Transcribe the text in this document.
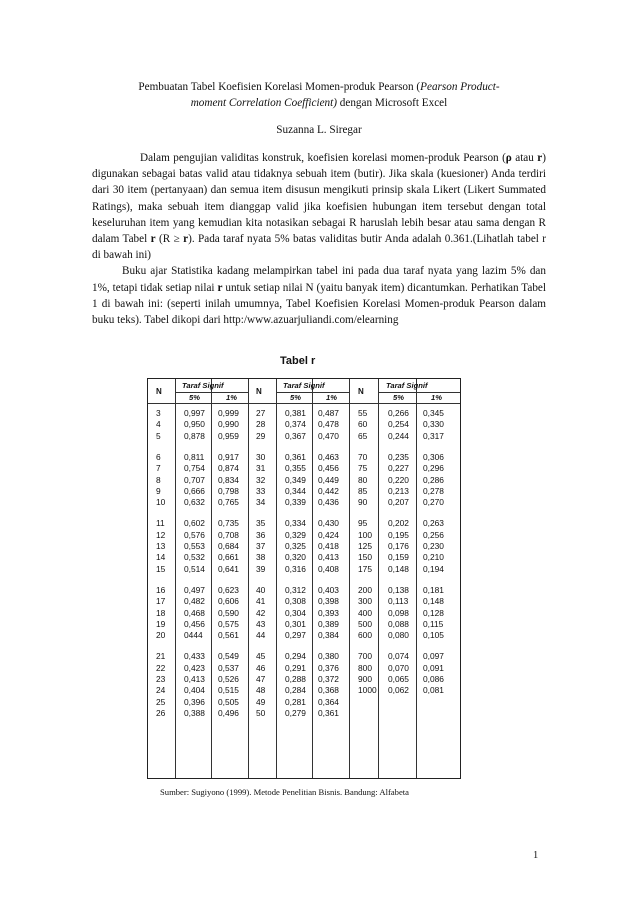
Pembuatan Tabel Koefisien Korelasi Momen-produk Pearson (Pearson Product-
moment Correlation Coefficient) dengan Microsoft Excel
Suzanna L. Siregar

Dalam pengujian validitas konstruk, koefisien korelasi momen-produk Pearson (ρ atau r) digunakan sebagai batas valid atau tidaknya sebuah item (butir). Jika skala (kuesioner) Anda terdiri dari 30 item (pertanyaan) dan semua item disusun mengikuti prinsip skala Likert (Likert Summated Ratings), maka sebuah item dianggap valid jika koefisien hubungan item tersebut dengan total keseluruhan item yang kemudian kita notasikan sebagai R haruslah lebih besar atau sama dengan R dalam Tabel r (R ≥ r). Pada taraf nyata 5% batas validitas butir Anda adalah 0.361.(Lihatlah tabel r di bawah ini)

Buku ajar Statistika kadang melampirkan tabel ini pada dua taraf nyata yang lazim 5% dan 1%, tetapi tidak setiap nilai r untuk setiap nilai N (yaitu banyak item) dicantumkan. Perhatikan Tabel 1 di bawah ini: (seperti inilah umumnya, Tabel Koefisien Korelasi Momen-produk Pearson dalam buku teks). Tabel dikopi dari http:/www.azuarjuliandi.com/elearning

Tabel r
N
Taraf Signif
5%	1%
N
Taraf Signif
5%	1%
N
Taraf Signif
5%	1%
3	0,997 0,999
4	0,950 0,990
5	0,878 0,959
6	0,811 0,917
7	0,754 0,874
8	0,707 0,834
9	0,666 0,798
10 0,632 0,765
11 0,602 0,735
12 0,576 0,708
13 0,553 0,684
14 0,532 0,661
15 0,514 0,641
16 0,497 0,623
17 0,482 0,606
18 0,468 0,590
19 0,456 0,575
20 0444 0,561
21 0,433 0,549
22 0,423 0,537
23 0,413 0,526
24 0,404 0,515
25 0,396 0,505
26 0,388 0,496
27 0,381 0,487
28 0,374 0,478
29 0,367 0,470
30 0,361 0,463
31 0,355 0,456
32 0,349 0,449
33 0,344 0,442
34 0,339 0,436
35 0,334 0,430
36 0,329 0,424
37 0,325 0,418
38 0,320 0,413
39 0,316 0,408
40 0,312 0,403
41 0,308 0,398
42 0,304 0,393
43 0,301 0,389
44 0,297 0,384
45 0,294 0,380
46 0,291 0,376
47 0,288 0,372
48 0,284 0,368
49 0,281 0,364
50 0,279 0,361
55 0,266 0,345
60 0,254 0,330
65 0,244 0,317
70 0,235 0,306
75 0,227 0,296
80 0,220 0,286
85 0,213 0,278
90 0,207 0,270
95 0,202 0,263
100 0,195 0,256
125 0,176 0,230
150 0,159 0,210
175 0,148 0,194
200 0,138 0,181
300 0,113 0,148
400 0,098 0,128
500 0,088 0,115
600 0,080 0,105
700 0,074 0,097
800 0,070 0,091
900 0,065 0,086
1000 0,062 0,081
Sumber: Sugiyono (1999). Metode Penelitian Bisnis. Bandung: Alfabeta
1
